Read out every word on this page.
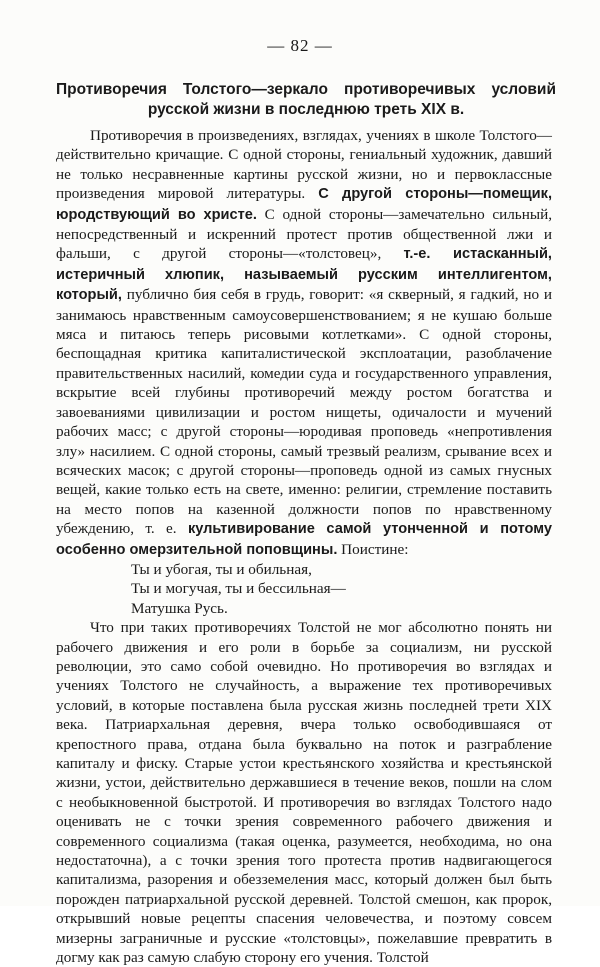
— 82 —
Противоречия Толстого—зеркало противоречивых условий русской жизни в последнюю треть XIX в.

Противоречия в произведениях, взглядах, учениях в школе Толстого—действительно кричащие. С одной стороны, гениальный художник, давший не только несравненные картины русской жизни, но и первоклассные произведения мировой литературы. С другой стороны—помещик, юродствующий во христе. С одной стороны—замечательно сильный, непосредственный и искренний протест против общественной лжи и фальши, с другой стороны—«толстовец», т.-е. истасканный, истеричный хлюпик, называемый русским интеллигентом, который, публично бия себя в грудь, говорит: «я скверный, я гадкий, но и занимаюсь нравственным самоусовершенствованием; я не кушаю больше мяса и питаюсь теперь рисовыми котлетками». С одной стороны, беспощадная критика капиталистической эксплоатации, разоблачение правительственных насилий, комедии суда и государственного управления, вскрытие всей глубины противоречий между ростом богатства и завоеваниями цивилизации и ростом нищеты, одичалости и мучений рабочих масс; с другой стороны—юродивая проповедь «непротивления злу» насилием. С одной стороны, самый трезвый реализм, срывание всех и всяческих масок; с другой стороны—проповедь одной из самых гнусных вещей, какие только есть на свете, именно: религии, стремление поставить на место попов на казенной должности попов по нравственному убеждению, т. е. культивирование самой утонченной и потому особенно омерзительной поповщины. Поистине:

Ты и убогая, ты и обильная,
Ты и могучая, ты и бессильная—
Матушка Русь.

Что при таких противоречиях Толстой не мог абсолютно понять ни рабочего движения и его роли в борьбе за социализм, ни русской революции, это само собой очевидно. Но противоречия во взглядах и учениях Толстого не случайность, а выражение тех противоречивых условий, в которые поставлена была русская жизнь последней трети XIX века. Патриархальная деревня, вчера только освободившаяся от крепостного права, отдана была буквально на поток и разграбление капиталу и фиску. Старые устои крестьянского хозяйства и крестьянской жизни, устои, действительно державшиеся в течение веков, пошли на слом с необыкновенной быстротой. И противоречия во взглядах Толстого надо оценивать не с точки зрения современного рабочего движения и современного социализма (такая оценка, разумеется, необходима, но она недостаточна), а с точки зрения того протеста против надвигающегося капитализма, разорения и обезземеления масс, который должен был быть порожден патриархальной русской деревней. Толстой смешон, как пророк, открывший новые рецепты спасения человечества, и поэтому совсем мизерны заграничные и русские «толстовцы», пожелавшие превратить в догму как раз самую слабую сторону его учения. Толстой
